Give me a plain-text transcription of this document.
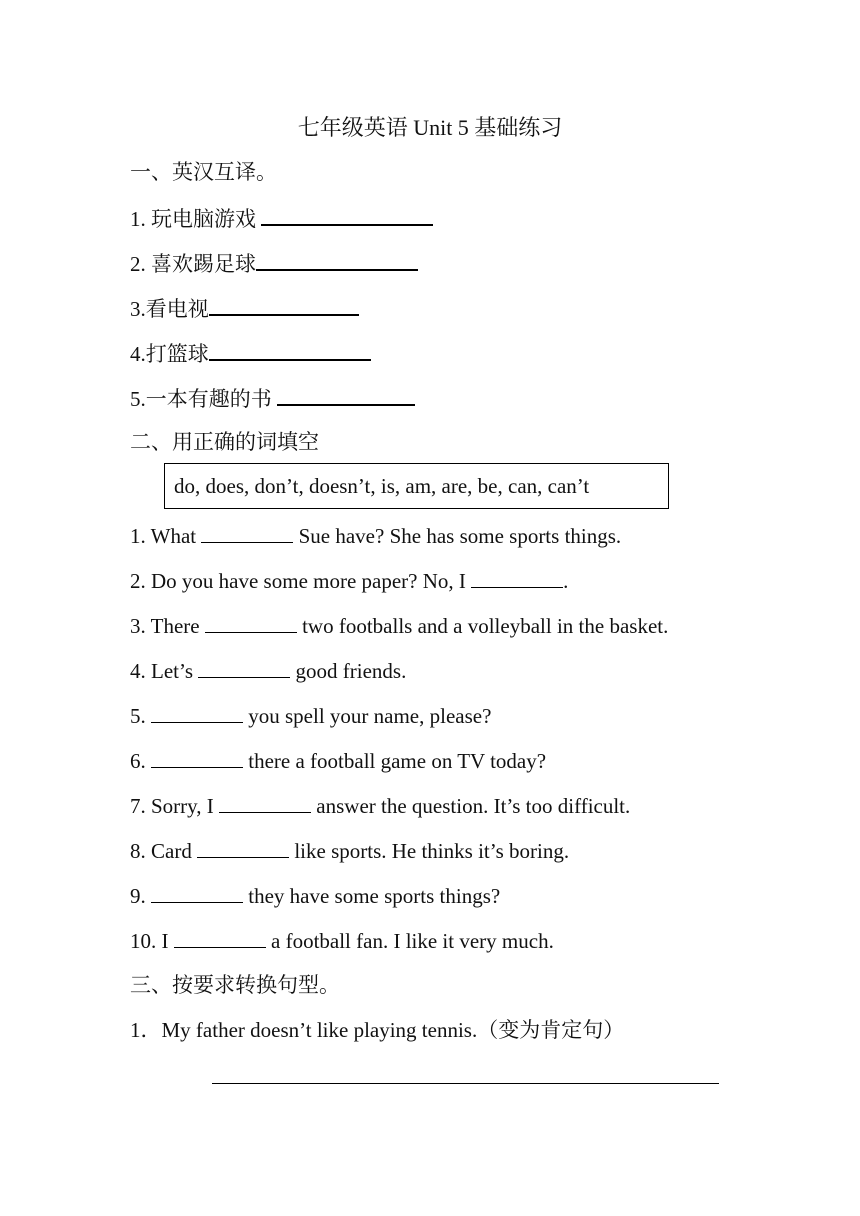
七年级英语 Unit 5 基础练习
一、英汉互译。
1. 玩电脑游戏
2. 喜欢踢足球
3.看电视
4.打篮球
5.一本有趣的书
二、用正确的词填空
do, does, don’t, doesn’t, is, am, are, be, can, can’t
1. What	Sue have? She has some sports things.
2. Do you have some more paper? No, I	.
3. There	two footballs and a volleyball in the basket.
4. Let’s	good friends.
5.	you spell your name, please?
6.	there a football game on TV today?
7. Sorry, I	answer the question. It’s too difficult.
8. Card	like sports. He thinks it’s boring.
9.	they have some sports things?
10. I	a football fan. I like it very much.
三、按要求转换句型。
1．My father doesn’t like playing tennis.（变为肯定句）
